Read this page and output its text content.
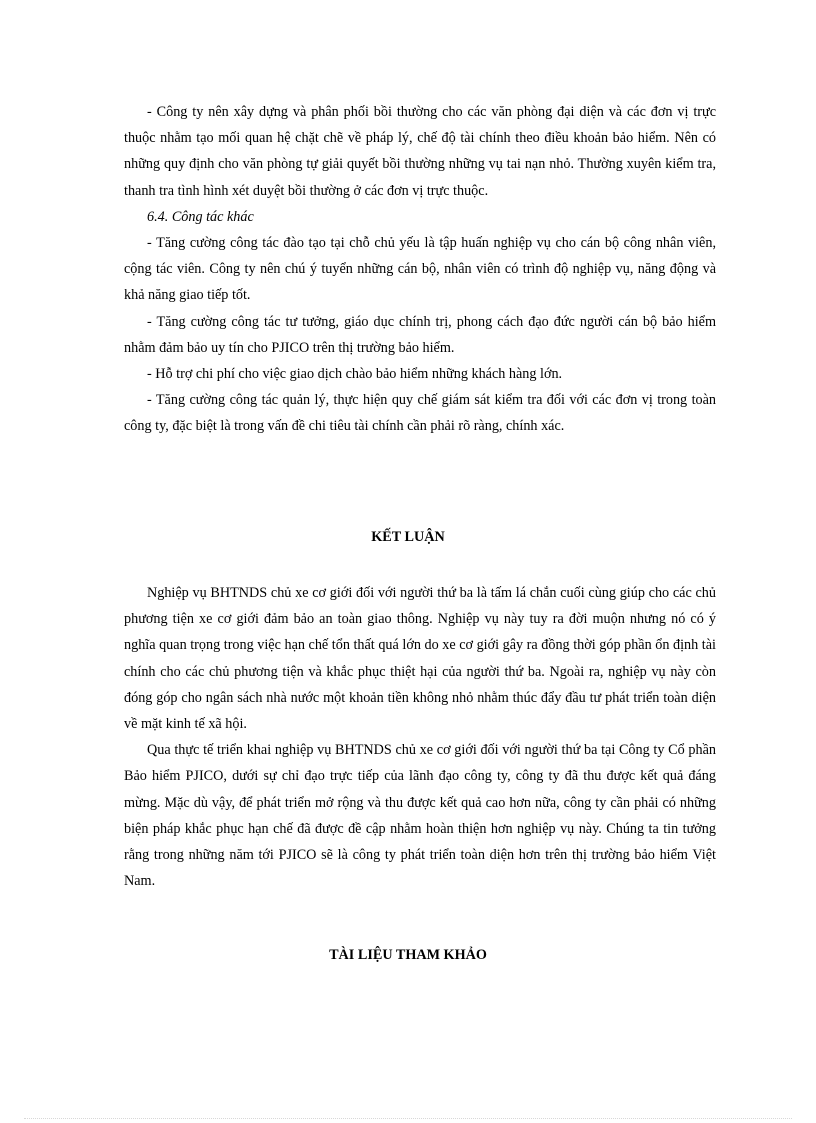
- Công ty nên xây dựng và phân phối bồi thường cho các văn phòng đại diện và các đơn vị trực thuộc nhằm tạo mối quan hệ chặt chẽ về pháp lý, chế độ tài chính theo điều khoản bảo hiểm. Nên có những quy định cho văn phòng tự giải quyết bồi thường những vụ tai nạn nhỏ. Thường xuyên kiểm tra, thanh tra tình hình xét duyệt bồi thường ở các đơn vị trực thuộc.

6.4. Công tác khác

- Tăng cường công tác đào tạo tại chỗ chủ yếu là tập huấn nghiệp vụ cho cán bộ công nhân viên, cộng tác viên. Công ty nên chú ý tuyển những cán bộ, nhân viên có trình độ nghiệp vụ, năng động và khả năng giao tiếp tốt.

- Tăng cường công tác tư tưởng, giáo dục chính trị, phong cách đạo đức người cán bộ bảo hiểm nhằm đảm bảo uy tín cho PJICO trên thị trường bảo hiểm.

- Hỗ trợ chi phí cho việc giao dịch chào bảo hiểm những khách hàng lớn.

- Tăng cường công tác quản lý, thực hiện quy chế giám sát kiểm tra đối với các đơn vị trong toàn công ty, đặc biệt là trong vấn đề chi tiêu tài chính cần phải rõ ràng, chính xác.

KẾT LUẬN

Nghiệp vụ BHTNDS chủ xe cơ giới đối với người thứ ba là tấm lá chắn cuối cùng giúp cho các chủ phương tiện xe cơ giới đảm bảo an toàn giao thông. Nghiệp vụ này tuy ra đời muộn nhưng nó có ý nghĩa quan trọng trong việc hạn chế tổn thất quá lớn do xe cơ giới gây ra đồng thời góp phần ổn định tài chính cho các chủ phương tiện và khắc phục thiệt hại của người thứ ba. Ngoài ra, nghiệp vụ này còn đóng góp cho ngân sách nhà nước một khoản tiền không nhỏ nhằm thúc đẩy đầu tư phát triển toàn diện về mặt kinh tế xã hội.

Qua thực tế triển khai nghiệp vụ BHTNDS chủ xe cơ giới đối với người thứ ba tại Công ty Cổ phần Bảo hiểm PJICO, dưới sự chỉ đạo trực tiếp của lãnh đạo công ty, công ty đã thu được kết quả đáng mừng. Mặc dù vậy, để phát triển mở rộng và thu được kết quả cao hơn nữa, công ty cần phải có những biện pháp khắc phục hạn chế đã được đề cập nhằm hoàn thiện hơn nghiệp vụ này. Chúng ta tin tưởng rằng trong những năm tới PJICO sẽ là công ty phát triển toàn diện hơn trên thị trường bảo hiểm Việt Nam.

TÀI LIỆU THAM KHẢO
